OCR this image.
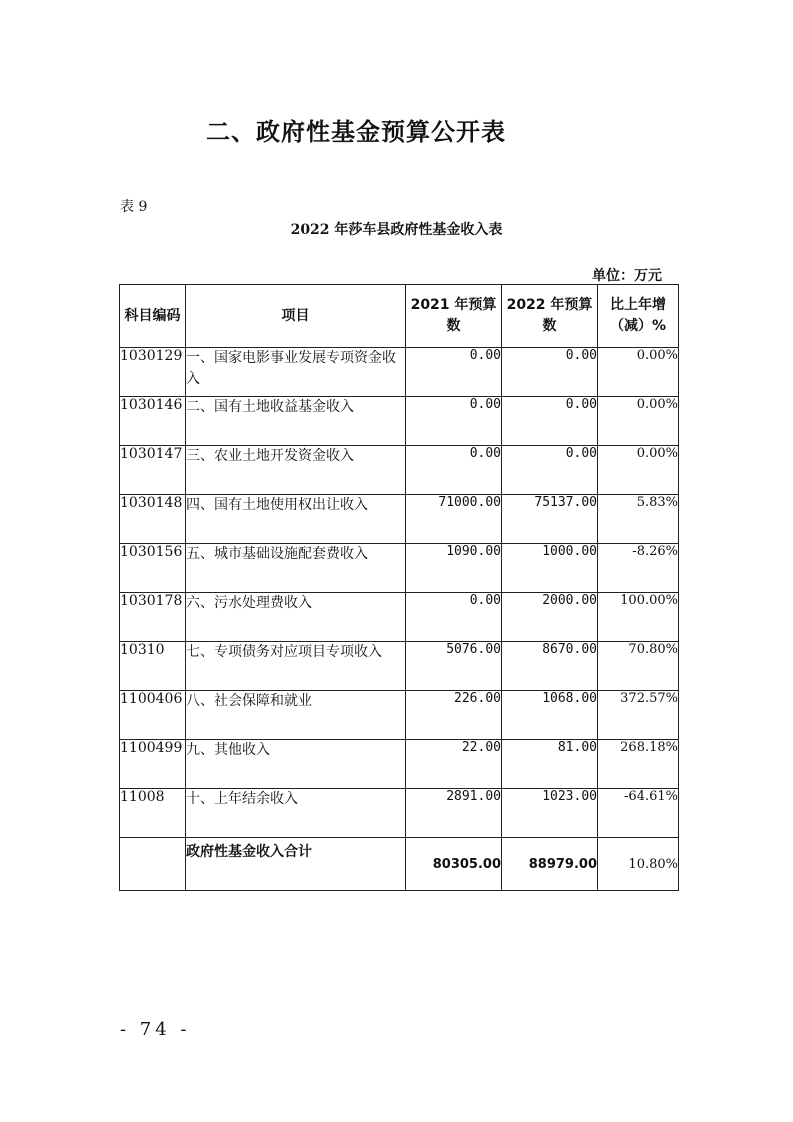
二、政府性基金预算公开表
表 9
2022 年莎车县政府性基金收入表
单位：万元
科目编码	项目	2021 年预算数	2022 年预算数	比上年增（减）%
1030129	一、国家电影事业发展专项资金收入	0.00	0.00	0.00%
1030146	二、国有土地收益基金收入	0.00	0.00	0.00%
1030147	三、农业土地开发资金收入	0.00	0.00	0.00%
1030148	四、国有土地使用权出让收入	71000.00	75137.00	5.83%
1030156	五、城市基础设施配套费收入	1090.00	1000.00	-8.26%
1030178	六、污水处理费收入	0.00	2000.00	100.00%
10310	七、专项债务对应项目专项收入	5076.00	8670.00	70.80%
1100406	八、社会保障和就业	226.00	1068.00	372.57%
1100499	九、其他收入	22.00	81.00	268.18%
11008	十、上年结余收入	2891.00	1023.00	-64.61%
	政府性基金收入合计	80305.00	88979.00	10.80%
- 74 -
